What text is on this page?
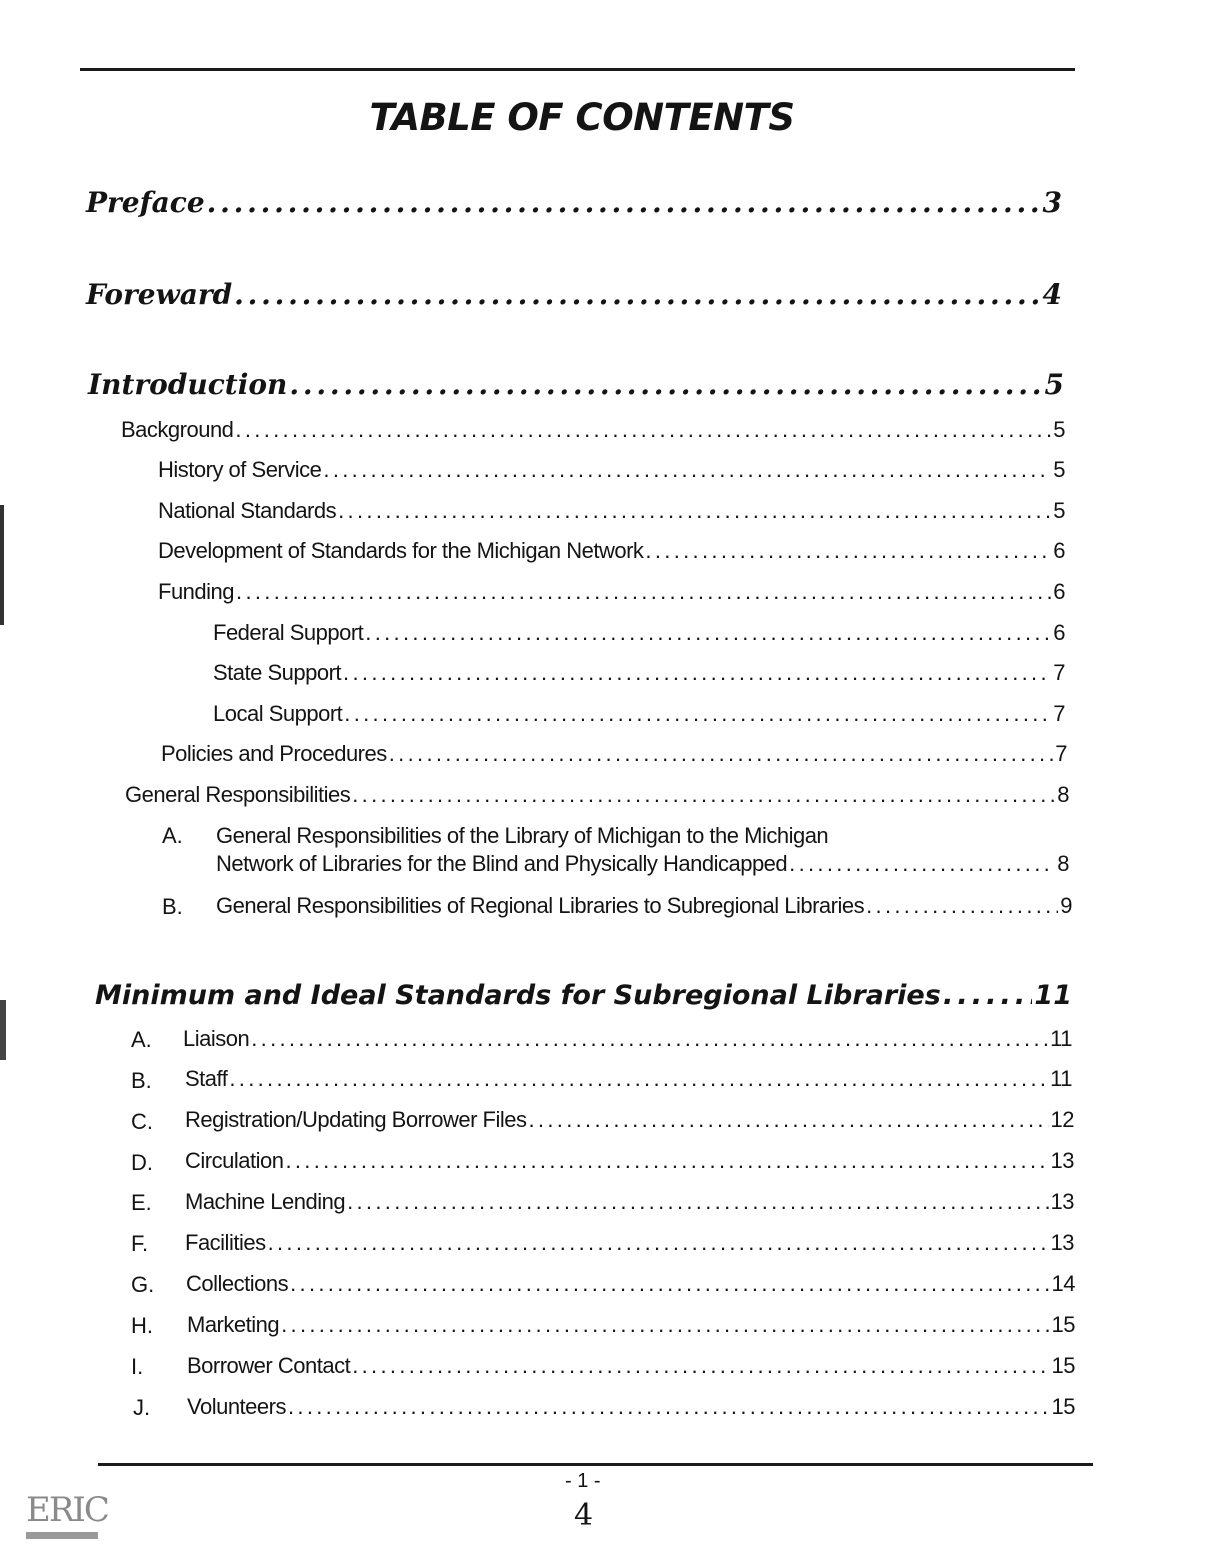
TABLE OF CONTENTS
Preface . . .	3
Foreward . . .	4
Introduction . . .	5
Background . . .	5
History of Service . . .	5
National Standards . . .	5
Development of Standards for the Michigan Network . . .	6
Funding . . .	6
Federal Support . . .	6
State Support . . .	7
Local Support . . .	7
Policies and Procedures . . .	7
General Responsibilities . . .	8
A. General Responsibilities of the Library of Michigan to the Michigan
Network of Libraries for the Blind and Physically Handicapped . . .	8
B. General Responsibilities of Regional Libraries to Subregional Libraries . . .	9
Minimum and Ideal Standards for Subregional Libraries . . .	11
A. Liaison . . .	11
B. Staff . . .	11
C. Registration/Updating Borrower Files . . .	12
D. Circulation . . .	13
E. Machine Lending . . .	13
F. Facilities . . .	13
G. Collections . . .	14
H. Marketing . . .	15
I. Borrower Contact . . .	15
J. Volunteers . . .	15
- 1 -
4
ERIC
